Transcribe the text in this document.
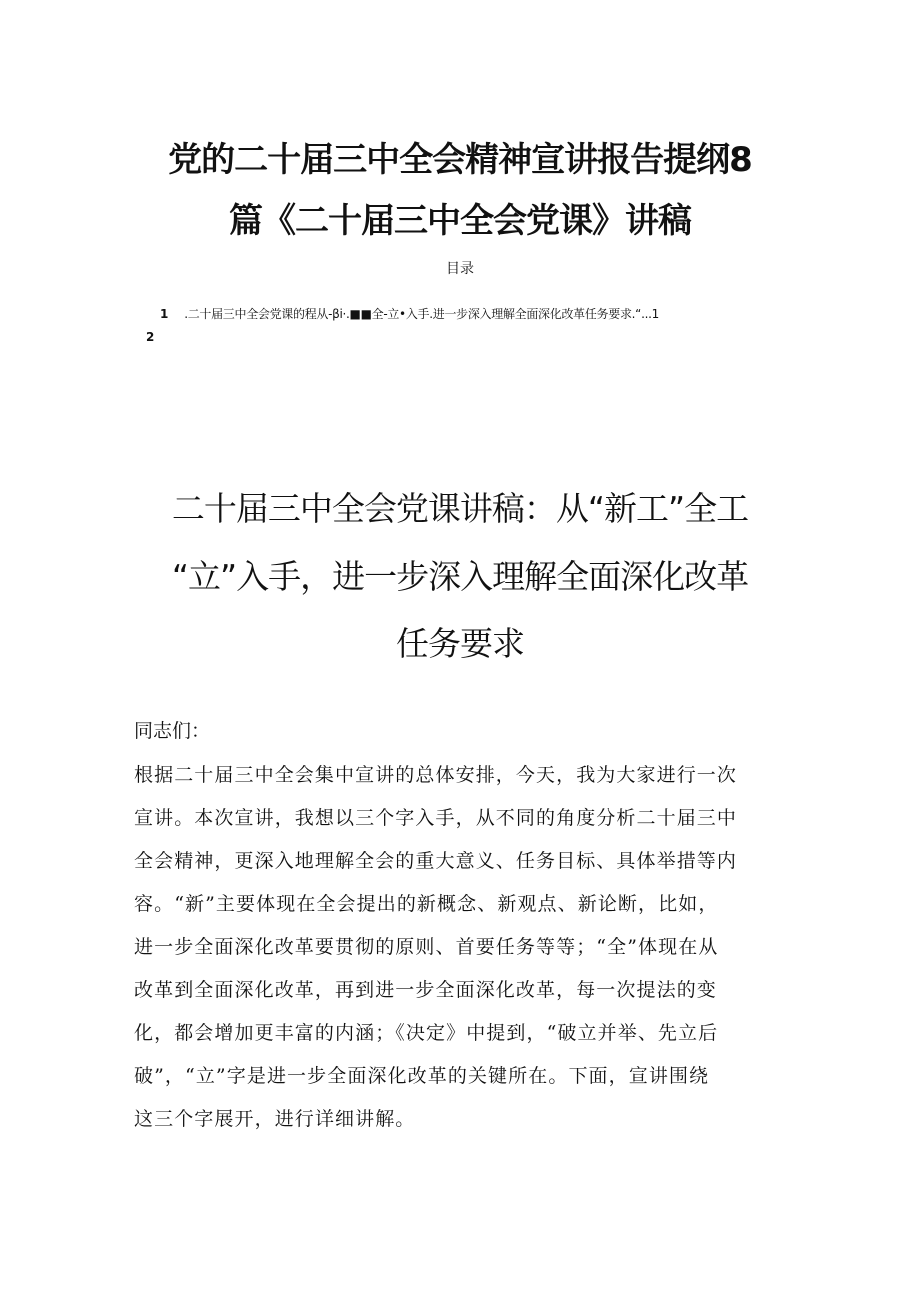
党的二十届三中全会精神宣讲报告提纲8
篇《二十届三中全会党课》讲稿
目录
1 .二十届三中全会党课的程从-βi·.■■全-立•入手.进一步深入理解全面深化改革任务要求.“...1
2
二十届三中全会党课讲稿：从“新工”全工
“立”入手，进一步深入理解全面深化改革
任务要求
同志们：
根据二十届三中全会集中宣讲的总体安排，今天，我为大家进行一次
宣讲。本次宣讲，我想以三个字入手，从不同的角度分析二十届三中
全会精神，更深入地理解全会的重大意义、任务目标、具体举措等内
容。“新”主要体现在全会提出的新概念、新观点、新论断，比如，
进一步全面深化改革要贯彻的原则、首要任务等等；“全”体现在从
改革到全面深化改革，再到进一步全面深化改革，每一次提法的变
化，都会增加更丰富的内涵；《决定》中提到，“破立并举、先立后
破”，“立”字是进一步全面深化改革的关键所在。下面，宣讲围绕
这三个字展开，进行详细讲解。
